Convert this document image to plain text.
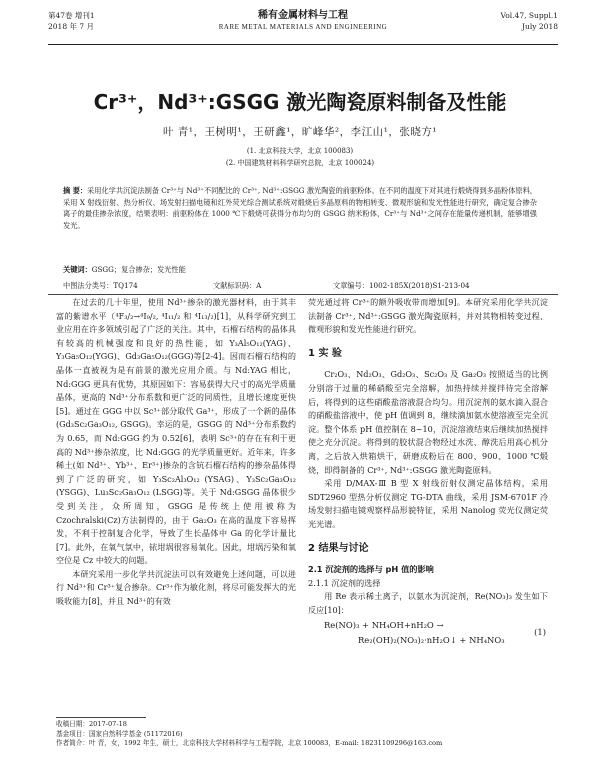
第47卷 增刊1
2018 年 7 月
稀有金属材料与工程
RARE METAL MATERIALS AND ENGINEERING
Vol.47, Suppl.1
July 2018
Cr³⁺，Nd³⁺:GSGG 激光陶瓷原料制备及性能
叶 青¹，王树明¹，王研鑫¹，旷峰华²，李江山¹，张晓方¹
(1. 北京科技大学，北京 100083)
(2. 中国建筑材料科学研究总院，北京 100024)
摘 要：采用化学共沉淀法制备 Cr³⁺与 Nd³⁺不同配比的 Cr³⁺, Nd³⁺:GSGG 激光陶瓷的前驱粉体。在不同的温度下对其进行煅烧得到多晶粉体原料，采用 X 射线衍射、热分析仪、场发射扫描电镜和红外荧光综合测试系统对煅烧后多晶原料的物相转变、微观形貌和发光性能进行研究，确定复合掺杂离子的最佳掺杂浓度，结果表明：前驱粉体在 1000 ℃下煅烧可获得分布均匀的 GSGG 纳米粉体，Cr³⁺与 Nd³⁺之间存在能量传递机制，能够增强发光。
关键词：GSGG；复合掺杂；发光性能
中图法分类号：TQ174	文献标识码：A	文章编号：1002-185X(2018)S1-213-04

在过去的几十年里，使用 Nd³⁺掺杂的激光器材料，由于其丰富的紫谱水平（⁴F₃/₂→⁴I₉/₂, ⁴I₁₁/₂ 和 ⁴I₁₃/₂)[1]，从科学研究到工业应用在许多领域引起了广泛的关注。其中，石榴石结构的晶体具有较高的机械强度和良好的热性能，如 Y₃Al₅O₁₂(YAG)、Y₃Ga₅O₁₂(YGG)、Gd₃Ga₅O₁₂(GGG)等[2-4]。因而石榴石结构的晶体一直被视为是有前景的激光应用介质。与 Nd:YAG 相比，Nd:GGG 更具有优势，其原因如下：容易获得大尺寸的高光学质量晶体，更高的 Nd³⁺分布系数和更广泛的同质性，且增长速度更快[5]。通过在 GGG 中以 Sc³⁺部分取代 Ga³⁺，形成了一个新的晶体(Gd₃Sc₂Ga₃O₁₂, GSGG)。幸运的是，GSGG 的 Nd³⁺分布系数约为 0.65，而 Nd:GGG 约为 0.52[6]，表明 Sc³⁺的存在有利于更高的 Nd³⁺掺杂浓度，比 Nd:GGG 的光学质量更好。近年来，许多稀土(如 Nd³⁺、Yb³⁺、Er³⁺)掺杂的含钪石榴石结构的掺杂晶体得到了广泛的研究，如 Y₃Sc₂Al₃O₁₂ (YSAG)、Y₃Sc₂Ga₃O₁₂ (YSGG)、Lu₃Sc₂Ga₃O₁₂ (LSGG)等。关于 Nd:GSGG 晶体很少受到关注，众所周知，GSGG 是传统上使用被称为 Czochralski(Cz)方法制得的，由于 Ga₂O₃ 在高的温度下容易挥发，不利于控制复合化学，导致了生长晶体中 Ga 的化学计量比[7]。此外，在氧气氛中，铱坩埚很容易氧化。因此，坩埚污染和氧空位是 Cz 中较大的问题。

本研究采用一步化学共沉淀法可以有效避免上述问题，可以进行 Nd³⁺和 Cr³⁺复合掺杂。Cr³⁺作为敏化剂，将尽可能发挥大的光吸收能力[8]，并且 Nd³⁺的有效

荧光通过将 Cr³⁺的额外吸收带而增加[9]。本研究采用化学共沉淀法制备 Cr³⁺, Nd³⁺:GSGG 激光陶瓷原料，并对其物相转变过程、微观形貌和发光性能进行研究。

1 实 验

Cr₂O₃、Nd₂O₃、Gd₂O₃、Sc₂O₃ 及 Ga₂O₃ 按照适当的比例分别溶于过量的稀硝酸至完全溶解，加热持续并搅拌待完全溶解后，将得到的这些硝酸盐溶液混合均匀。用沉淀剂的氨水滴入混合的硝酸盐溶液中，使 pH 值调到 8，继续滴加氨水使溶液至完全沉淀。整个体系 pH 值控制在 8~10，沉淀溶液结束后继续加热搅拌使之充分沉淀。将得到的胶状混合物经过水洗、醇洗后用高心机分离，之后放入烘箱烘干，研磨成粉后在 800、900、1000 ℃煅烧，即得制备的 Cr³⁺, Nd³⁺:GSGG 激光陶瓷原料。

采用 D/MAX-Ⅲ B 型 X 射线衍射仪测定晶体结构，采用 SDT2960 型热分析仪测定 TG-DTA 曲线，采用 JSM-6701F 冷场发射扫描电镜观察样品形貌特征，采用 Nanolog 荧光仪测定荧光光谱。

2 结果与讨论
2.1 沉淀剂的选择与 pH 值的影响
2.1.1 沉淀剂的选择

用 Re 表示稀土离子，以氨水为沉淀剂，Re(NO₃)₃ 发生如下反应[10]：

Re(NO)₃ + NH₄OH+nH₂O →
Re₂(OH)₂(NO₃)₂·nH₂O↓ + NH₄NO₃
(1)
收稿日期：2017-07-18
基金项目：国家自然科学基金 (51172016)
作者简介：叶 青，女，1992 年生，硕士，北京科技大学材料科学与工程学院，北京 100083，E-mail: 18231109296@163.com
